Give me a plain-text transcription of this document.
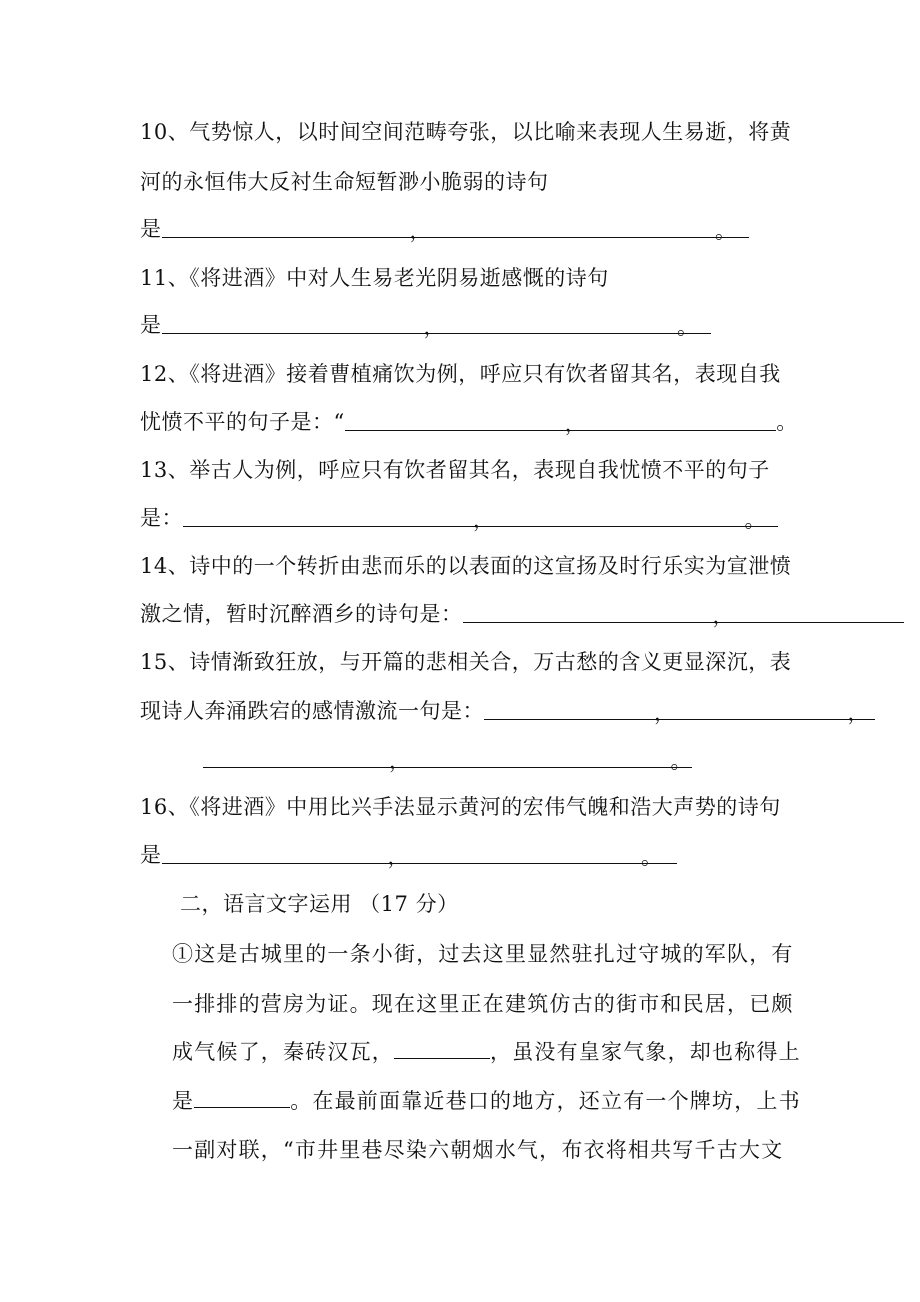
10、气势惊人，以时间空间范畴夸张，以比喻来表现人生易逝，将黄
河的永恒伟大反衬生命短暂渺小脆弱的诗句
是	，	。
11、《将进酒》中对人生易老光阴易逝感慨的诗句
是	，	。
12、《将进酒》接着曹植痛饮为例，呼应只有饮者留其名，表现自我
忧愤不平的句子是：“	，	。
13、举古人为例，呼应只有饮者留其名，表现自我忧愤不平的句子
是：	，	。
14、诗中的一个转折由悲而乐的以表面的这宣扬及时行乐实为宣泄愤
激之情，暂时沉醉酒乡的诗句是：	，
15、诗情渐致狂放，与开篇的悲相关合，万古愁的含义更显深沉，表
现诗人奔涌跌宕的感情激流一句是：	，	，
，	。
16、《将进酒》中用比兴手法显示黄河的宏伟气魄和浩大声势的诗句
是	，	。
二，语言文字运用 （17 分）
①这是古城里的一条小街，过去这里显然驻扎过守城的军队，有
一排排的营房为证。现在这里正在建筑仿古的街市和民居，已颇
成气候了，秦砖汉瓦，	，虽没有皇家气象，却也称得上
是	。在最前面靠近巷口的地方，还立有一个牌坊，上书
一副对联，“市井里巷尽染六朝烟水气，布衣将相共写千古大文
